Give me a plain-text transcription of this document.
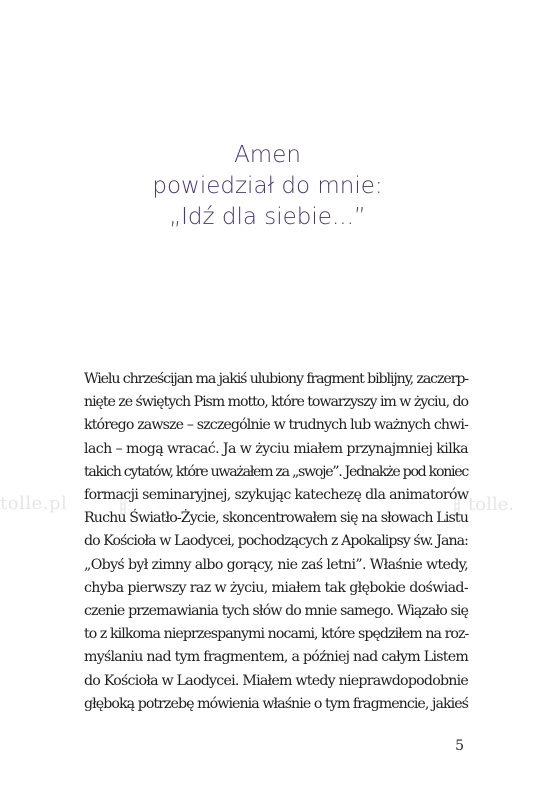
tolle.pl	tolle.
Amen
powiedział do mnie:
„Idź dla siebie...”
Wielu chrześcijan ma jakiś ulubiony fragment biblijny, zaczerp-
nięte ze świętych Pism motto, które towarzyszy im w życiu, do
którego zawsze – szczególnie w trudnych lub ważnych chwi-
lach – mogą wracać. Ja w życiu miałem przynajmniej kilka
takich cytatów, które uważałem za „swoje”. Jednakże pod koniec
formacji seminaryjnej, szykując katechezę dla animatorów
Ruchu Światło-Życie, skoncentrowałem się na słowach Listu
do Kościoła w Laodycei, pochodzących z Apokalipsy św. Jana:
„Obyś był zimny albo gorący, nie zaś letni”. Właśnie wtedy,
chyba pierwszy raz w życiu, miałem tak głębokie doświad-
czenie przemawiania tych słów do mnie samego. Wiązało się
to z kilkoma nieprzespanymi nocami, które spędziłem na roz-
myślaniu nad tym fragmentem, a później nad całym Listem
do Kościoła w Laodycei. Miałem wtedy nieprawdopodobnie
głęboką potrzebę mówienia właśnie o tym fragmencie, jakieś
5
